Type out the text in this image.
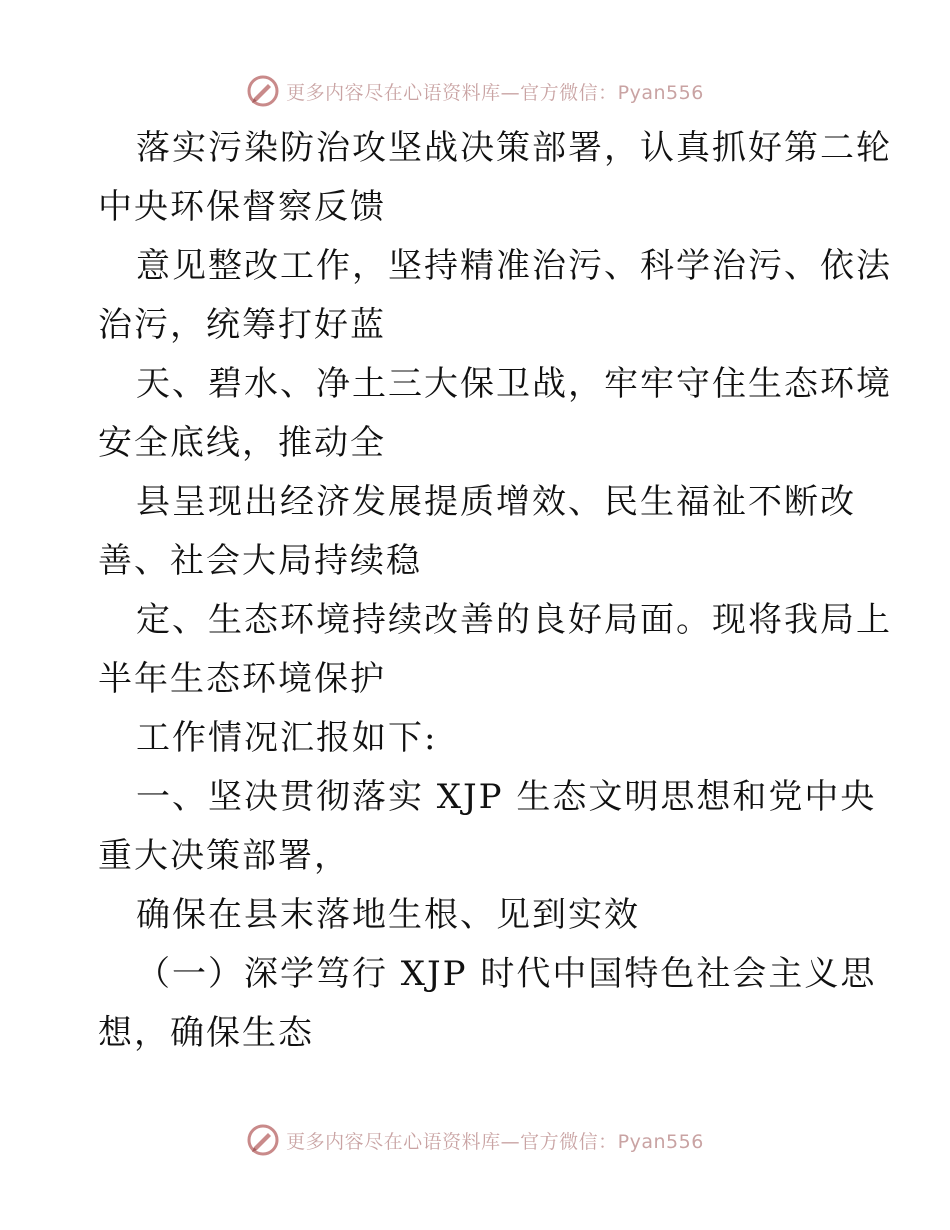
更多内容尽在心语资料库—官方微信：Pyan556
落实污染防治攻坚战决策部署，认真抓好第二轮
中央环保督察反馈
意见整改工作，坚持精准治污、科学治污、依法
治污，统筹打好蓝
天、碧水、净土三大保卫战，牢牢守住生态环境
安全底线，推动全
县呈现出经济发展提质增效、民生福祉不断改
善、社会大局持续稳
定、生态环境持续改善的良好局面。现将我局上
半年生态环境保护
工作情况汇报如下:
一、坚决贯彻落实 XJP 生态文明思想和党中央
重大决策部署，
确保在县末落地生根、见到实效
（一）深学笃行 XJP 时代中国特色社会主义思
想，确保生态
更多内容尽在心语资料库—官方微信：Pyan556
